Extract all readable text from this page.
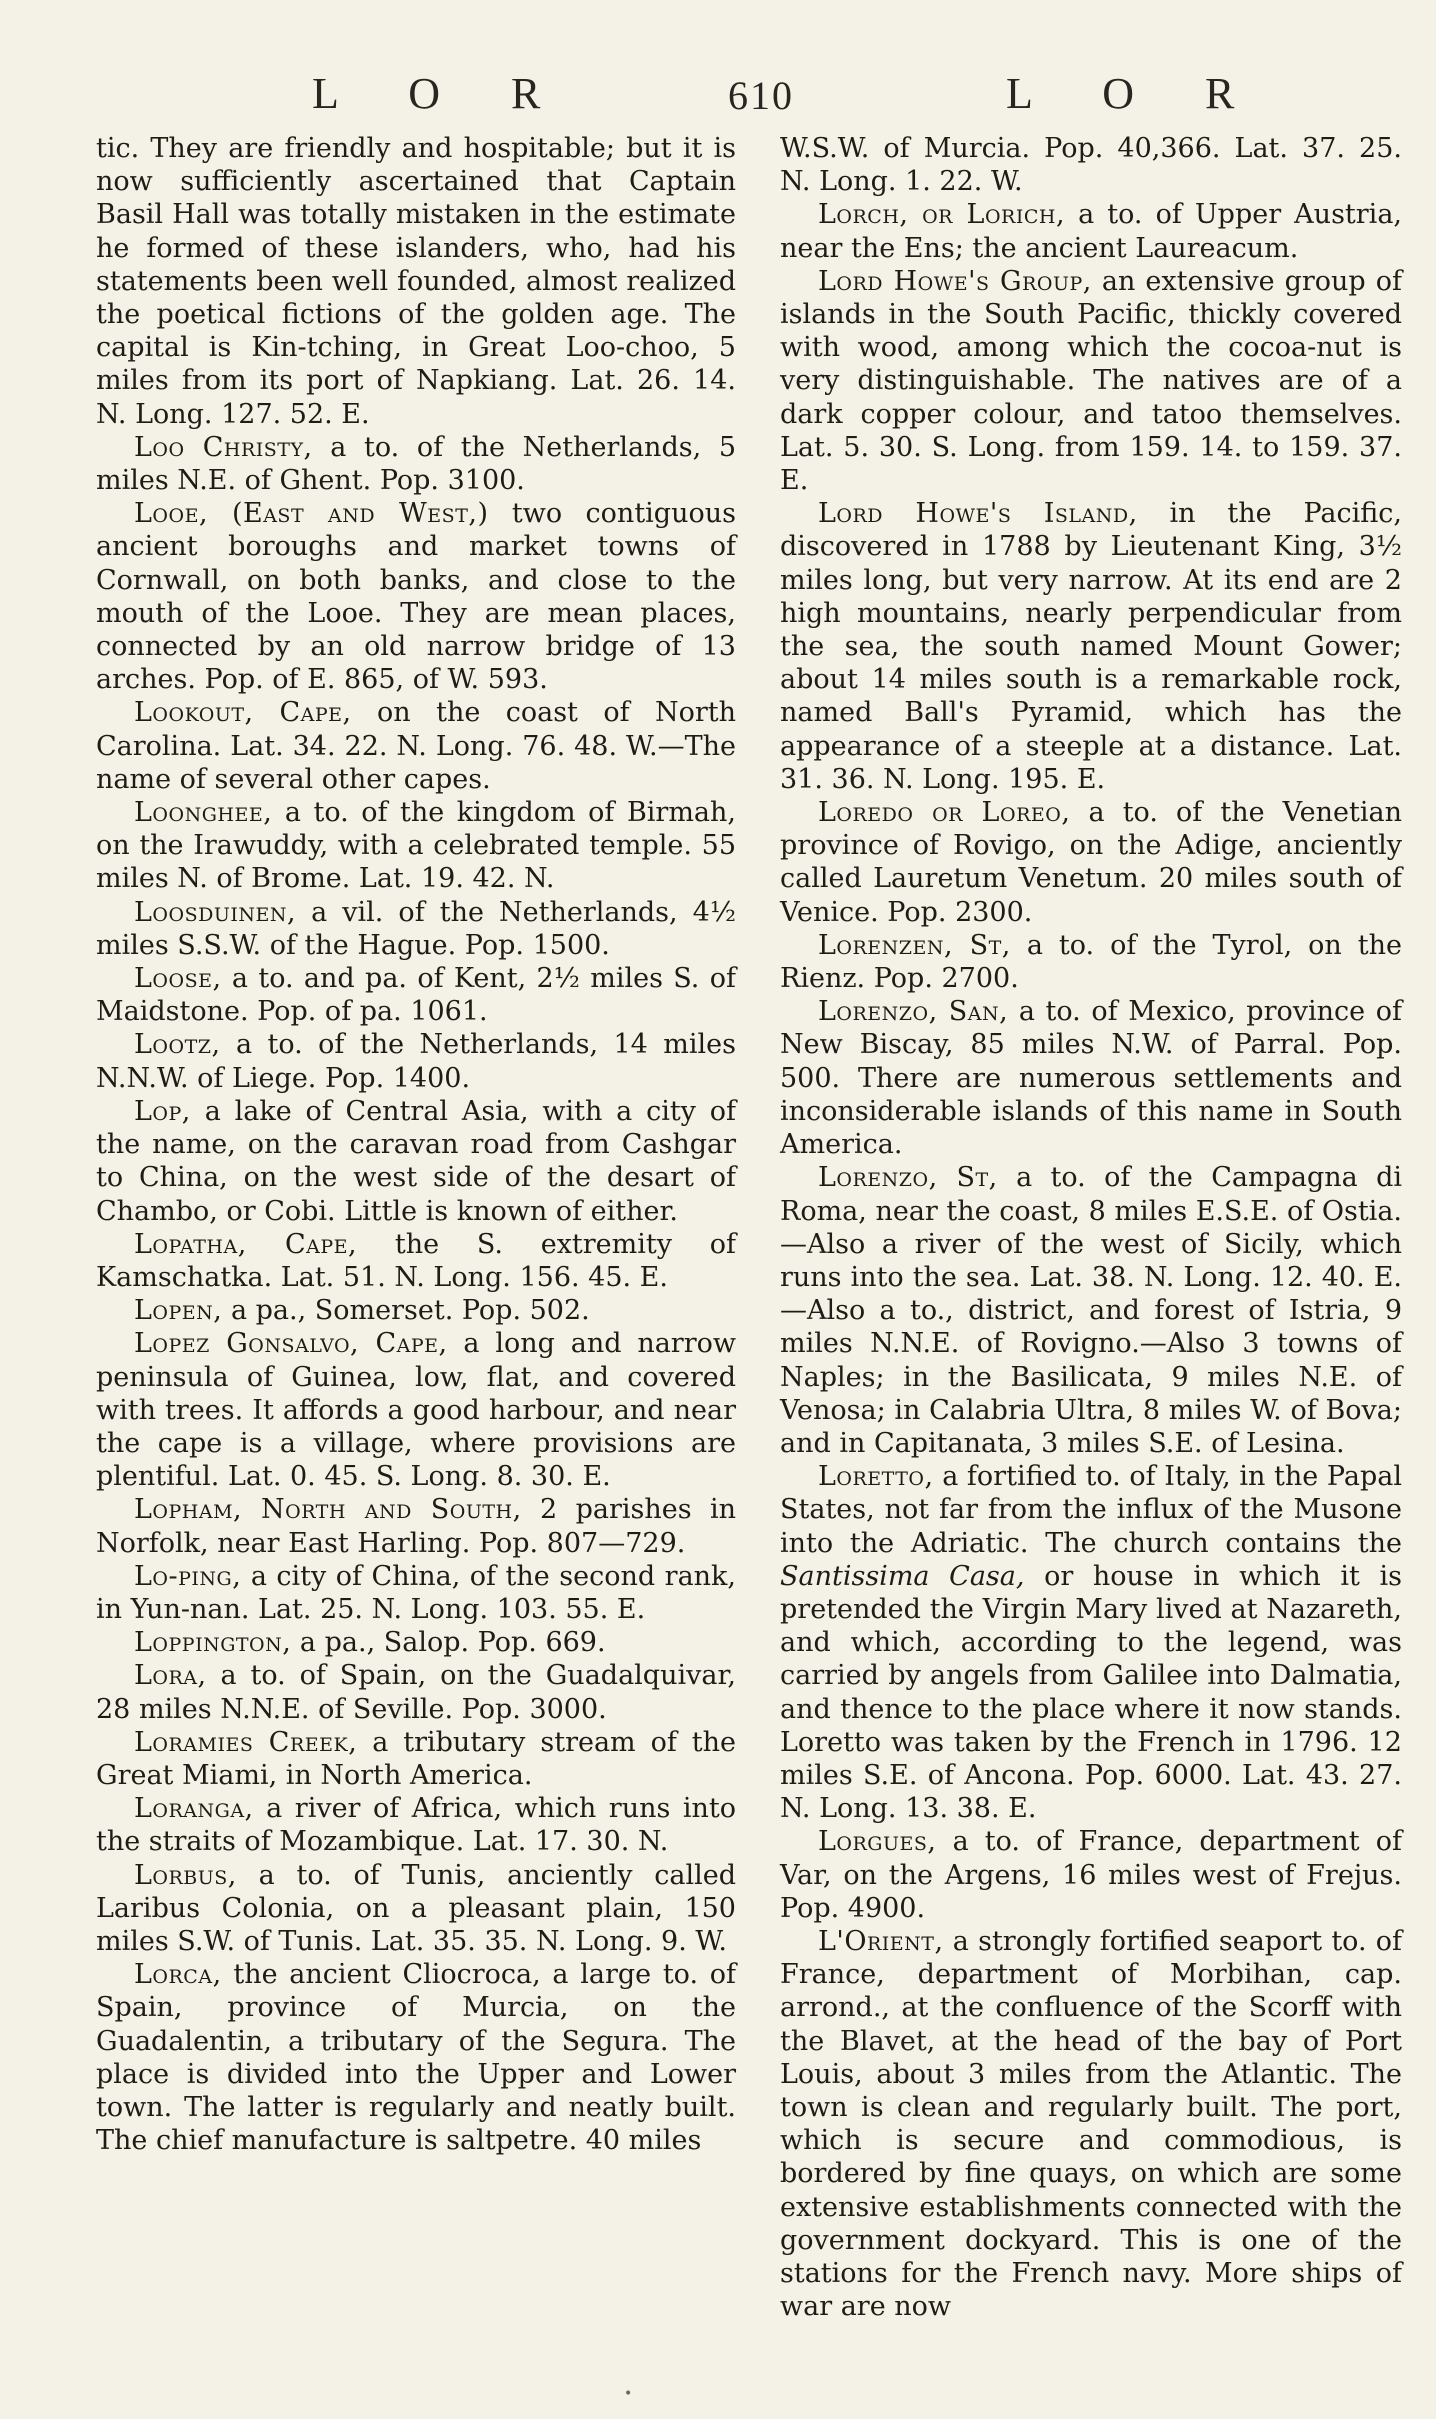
L O R	610	L O R

tic. They are friendly and hospitable; but it is now sufficiently ascertained that Captain Basil Hall was totally mistaken in the estimate he formed of these islanders, who, had his statements been well founded, almost realized the poetical fictions of the golden age. The capital is Kin-tching, in Great Loo-choo, 5 miles from its port of Napkiang. Lat. 26. 14. N. Long. 127. 52. E.

Loo Christy, a to. of the Netherlands, 5 miles N.E. of Ghent. Pop. 3100.

Looe, (East and West,) two contiguous ancient boroughs and market towns of Cornwall, on both banks, and close to the mouth of the Looe. They are mean places, connected by an old narrow bridge of 13 arches. Pop. of E. 865, of W. 593.

Lookout, Cape, on the coast of North Carolina. Lat. 34. 22. N. Long. 76. 48. W.—The name of several other capes.

Loonghee, a to. of the kingdom of Birmah, on the Irawuddy, with a celebrated temple. 55 miles N. of Brome. Lat. 19. 42. N.

Loosduinen, a vil. of the Netherlands, 4½ miles S.S.W. of the Hague. Pop. 1500.

Loose, a to. and pa. of Kent, 2½ miles S. of Maidstone. Pop. of pa. 1061.

Lootz, a to. of the Netherlands, 14 miles N.N.W. of Liege. Pop. 1400.

Lop, a lake of Central Asia, with a city of the name, on the caravan road from Cashgar to China, on the west side of the desart of Chambo, or Cobi. Little is known of either.

Lopatha, Cape, the S. extremity of Kamschatka. Lat. 51. N. Long. 156. 45. E.

Lopen, a pa., Somerset. Pop. 502.

Lopez Gonsalvo, Cape, a long and narrow peninsula of Guinea, low, flat, and covered with trees. It affords a good harbour, and near the cape is a village, where provisions are plentiful. Lat. 0. 45. S. Long. 8. 30. E.

Lopham, North and South, 2 parishes in Norfolk, near East Harling. Pop. 807—729.

Lo-ping, a city of China, of the second rank, in Yun-nan. Lat. 25. N. Long. 103. 55. E.

Loppington, a pa., Salop. Pop. 669.

Lora, a to. of Spain, on the Guadalquivar, 28 miles N.N.E. of Seville. Pop. 3000.

Loramies Creek, a tributary stream of the Great Miami, in North America.

Loranga, a river of Africa, which runs into the straits of Mozambique. Lat. 17. 30. N.

Lorbus, a to. of Tunis, anciently called Laribus Colonia, on a pleasant plain, 150 miles S.W. of Tunis. Lat. 35. 35. N. Long. 9. W.

Lorca, the ancient Cliocroca, a large to. of Spain, province of Murcia, on the Guadalentin, a tributary of the Segura. The place is divided into the Upper and Lower town. The latter is regularly and neatly built. The chief manufacture is saltpetre. 40 miles

W.S.W. of Murcia. Pop. 40,366. Lat. 37. 25. N. Long. 1. 22. W.

Lorch, or Lorich, a to. of Upper Austria, near the Ens; the ancient Laureacum.

Lord Howe's Group, an extensive group of islands in the South Pacific, thickly covered with wood, among which the cocoa-nut is very distinguishable. The natives are of a dark copper colour, and tatoo themselves. Lat. 5. 30. S. Long. from 159. 14. to 159. 37. E.

Lord Howe's Island, in the Pacific, discovered in 1788 by Lieutenant King, 3½ miles long, but very narrow. At its end are 2 high mountains, nearly perpendicular from the sea, the south named Mount Gower; about 14 miles south is a remarkable rock, named Ball's Pyramid, which has the appearance of a steeple at a distance. Lat. 31. 36. N. Long. 195. E.

Loredo or Loreo, a to. of the Venetian province of Rovigo, on the Adige, anciently called Lauretum Venetum. 20 miles south of Venice. Pop. 2300.

Lorenzen, St, a to. of the Tyrol, on the Rienz. Pop. 2700.

Lorenzo, San, a to. of Mexico, province of New Biscay, 85 miles N.W. of Parral. Pop. 500. There are numerous settlements and inconsiderable islands of this name in South America.

Lorenzo, St, a to. of the Campagna di Roma, near the coast, 8 miles E.S.E. of Ostia.—Also a river of the west of Sicily, which runs into the sea. Lat. 38. N. Long. 12. 40. E.—Also a to., district, and forest of Istria, 9 miles N.N.E. of Rovigno.—Also 3 towns of Naples; in the Basilicata, 9 miles N.E. of Venosa; in Calabria Ultra, 8 miles W. of Bova; and in Capitanata, 3 miles S.E. of Lesina.

Loretto, a fortified to. of Italy, in the Papal States, not far from the influx of the Musone into the Adriatic. The church contains the Santissima Casa, or house in which it is pretended the Virgin Mary lived at Nazareth, and which, according to the legend, was carried by angels from Galilee into Dalmatia, and thence to the place where it now stands. Loretto was taken by the French in 1796. 12 miles S.E. of Ancona. Pop. 6000. Lat. 43. 27. N. Long. 13. 38. E.

Lorgues, a to. of France, department of Var, on the Argens, 16 miles west of Frejus. Pop. 4900.

L'Orient, a strongly fortified seaport to. of France, department of Morbihan, cap. arrond., at the confluence of the Scorff with the Blavet, at the head of the bay of Port Louis, about 3 miles from the Atlantic. The town is clean and regularly built. The port, which is secure and commodious, is bordered by fine quays, on which are some extensive establishments connected with the government dockyard. This is one of the stations for the French navy. More ships of war are now

•
